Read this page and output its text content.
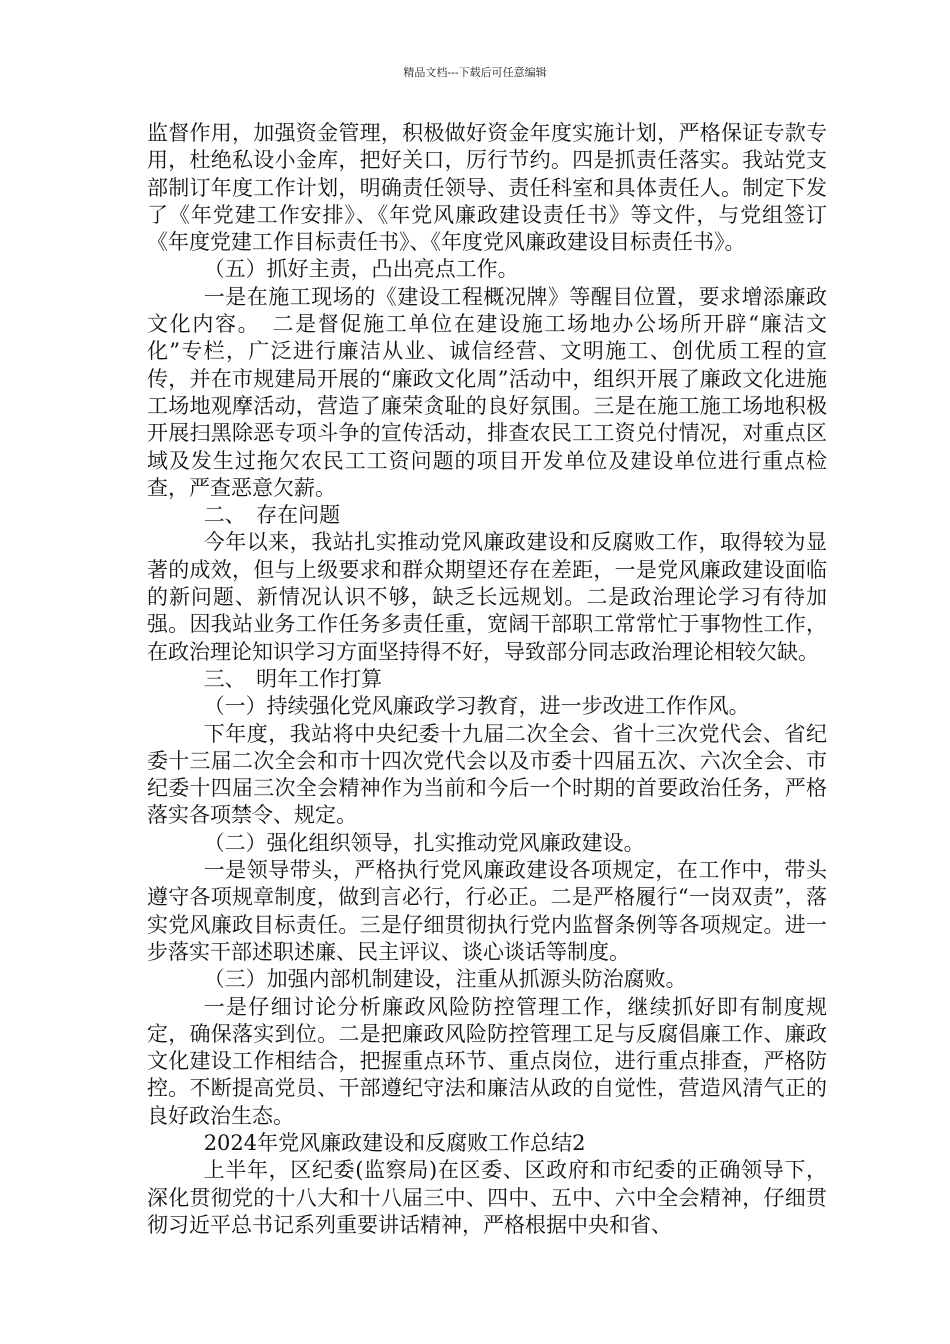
精品文档---下载后可任意编辑

监督作用，加强资金管理，积极做好资金年度实施计划，严格保证专款专用，杜绝私设小金库，把好关口，厉行节约。四是抓责任落实。我站党支部制订年度工作计划，明确责任领导、责任科室和具体责任人。制定下发了《年党建工作安排》、《年党风廉政建设责任书》等文件，与党组签订《年度党建工作目标责任书》、《年度党风廉政建设目标责任书》。

（五）抓好主责，凸出亮点工作。

一是在施工现场的《建设工程概况牌》等醒目位置，要求增添廉政文化内容。　二是督促施工单位在建设施工场地办公场所开辟“廉洁文化”专栏，广泛进行廉洁从业、诚信经营、文明施工、创优质工程的宣传，并在市规建局开展的“廉政文化周”活动中，组织开展了廉政文化进施工场地观摩活动，营造了廉荣贪耻的良好氛围。三是在施工施工场地积极开展扫黑除恶专项斗争的宣传活动，排查农民工工资兑付情况，对重点区域及发生过拖欠农民工工资问题的项目开发单位及建设单位进行重点检查，严查恶意欠薪。

二、　存在问题

今年以来，我站扎实推动党风廉政建设和反腐败工作，取得较为显著的成效，但与上级要求和群众期望还存在差距，一是党风廉政建设面临的新问题、新情况认识不够，缺乏长远规划。二是政治理论学习有待加强。因我站业务工作任务多责任重，宽阔干部职工常常忙于事物性工作，在政治理论知识学习方面坚持得不好，导致部分同志政治理论相较欠缺。

三、　明年工作打算

（一）持续强化党风廉政学习教育，进一步改进工作作风。

下年度，我站将中央纪委十九届二次全会、省十三次党代会、省纪委十三届二次全会和市十四次党代会以及市委十四届五次、六次全会、市纪委十四届三次全会精神作为当前和今后一个时期的首要政治任务，严格落实各项禁令、规定。

（二）强化组织领导，扎实推动党风廉政建设。

一是领导带头，严格执行党风廉政建设各项规定，在工作中，带头遵守各项规章制度，做到言必行，行必正。二是严格履行“一岗双责”，落实党风廉政目标责任。三是仔细贯彻执行党内监督条例等各项规定。进一步落实干部述职述廉、民主评议、谈心谈话等制度。

（三）加强内部机制建设，注重从抓源头防治腐败。

一是仔细讨论分析廉政风险防控管理工作，继续抓好即有制度规定，确保落实到位。二是把廉政风险防控管理工足与反腐倡廉工作、廉政文化建设工作相结合，把握重点环节、重点岗位，进行重点排查，严格防控。不断提高党员、干部遵纪守法和廉洁从政的自觉性，营造风清气正的良好政治生态。

2024年党风廉政建设和反腐败工作总结2

上半年，区纪委(监察局)在区委、区政府和市纪委的正确领导下，深化贯彻党的十八大和十八届三中、四中、五中、六中全会精神，仔细贯彻习近平总书记系列重要讲话精神，严格根据中央和省、
